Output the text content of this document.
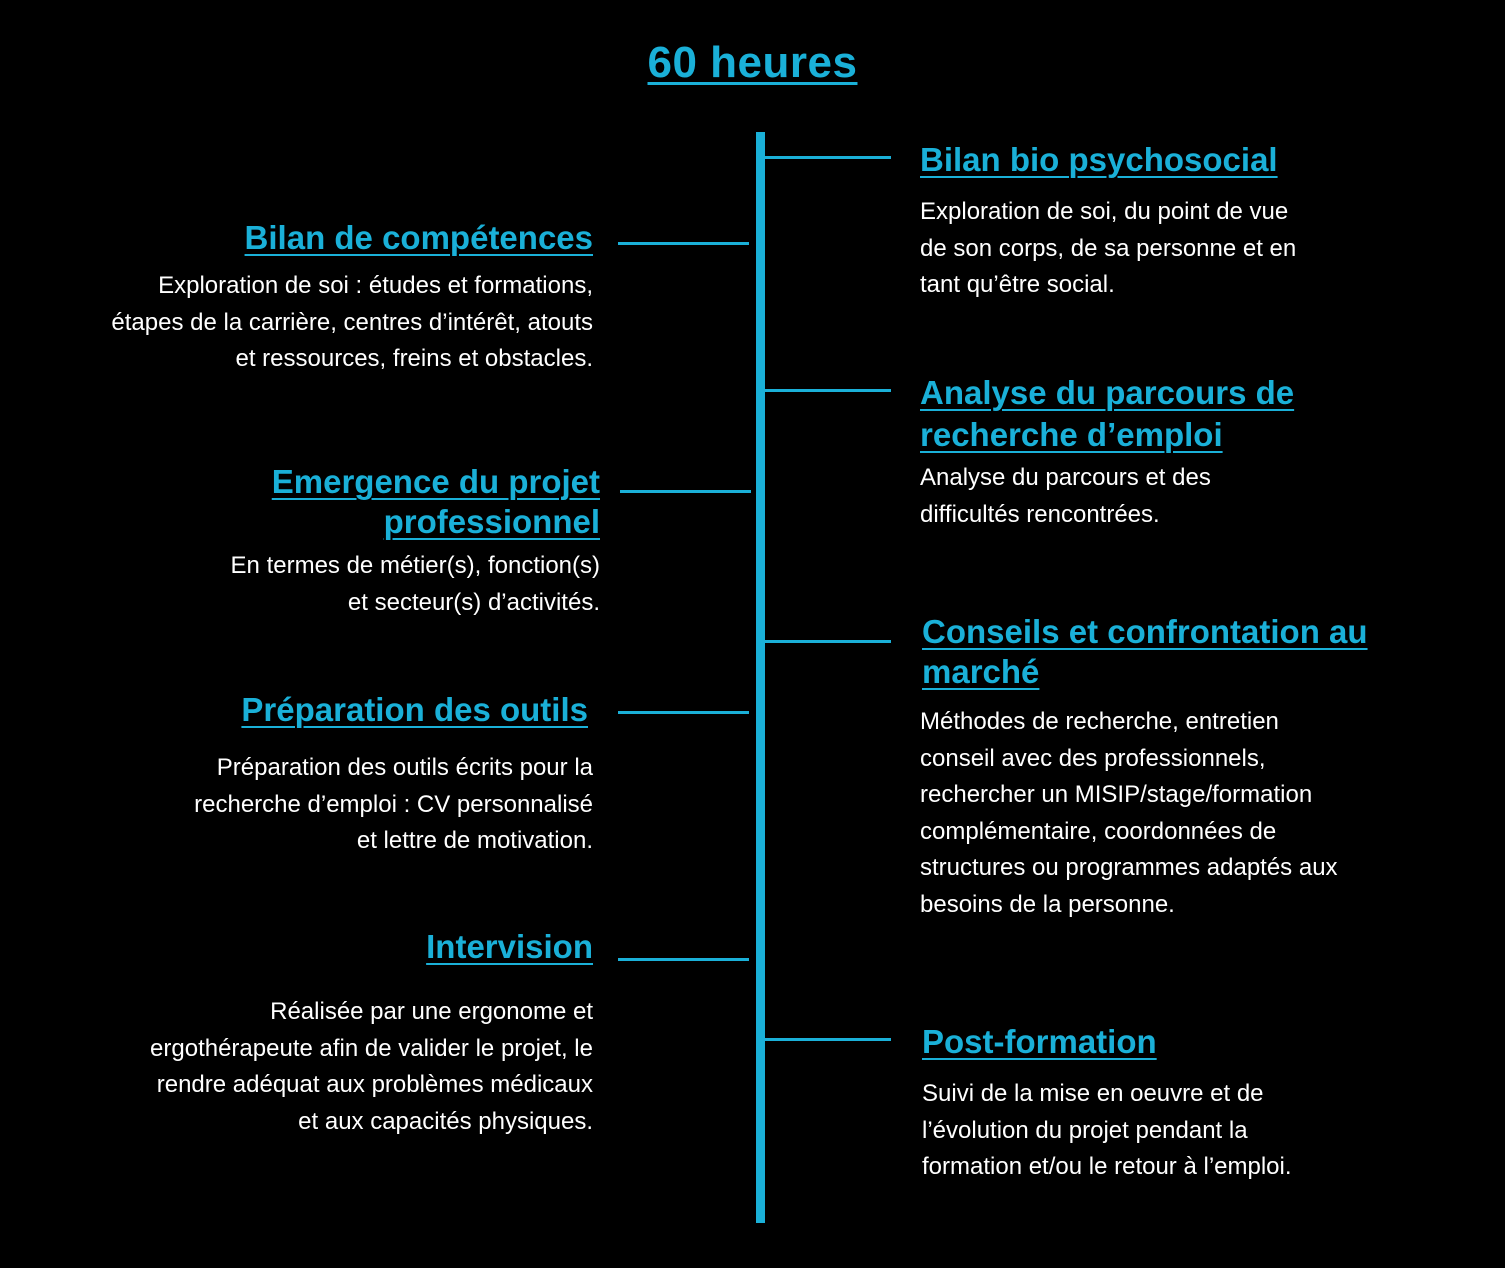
60 heures
Bilan de compétences
Exploration de soi : études et formations,
étapes de la carrière, centres d’intérêt, atouts
et ressources, freins et obstacles.
Emergence du projet
professionnel
En termes de métier(s), fonction(s)
et secteur(s) d’activités.
Préparation des outils
Préparation des outils écrits pour la
recherche d’emploi : CV personnalisé
et lettre de motivation.
Intervision
Réalisée par une ergonome et
ergothérapeute afin de valider le projet, le
rendre adéquat aux problèmes médicaux
et aux capacités physiques.
Bilan bio psychosocial
Exploration de soi, du point de vue
de son corps, de sa personne et en
tant qu’être social.
Analyse du parcours de
recherche d’emploi
Analyse du parcours et des
difficultés rencontrées.
Conseils et confrontation au
marché
Méthodes de recherche, entretien
conseil avec des professionnels,
rechercher un MISIP/stage/formation
complémentaire, coordonnées de
structures ou programmes adaptés aux
besoins de la personne.
Post-formation
Suivi de la mise en oeuvre et de
l’évolution du projet pendant la
formation et/ou le retour à l’emploi.
